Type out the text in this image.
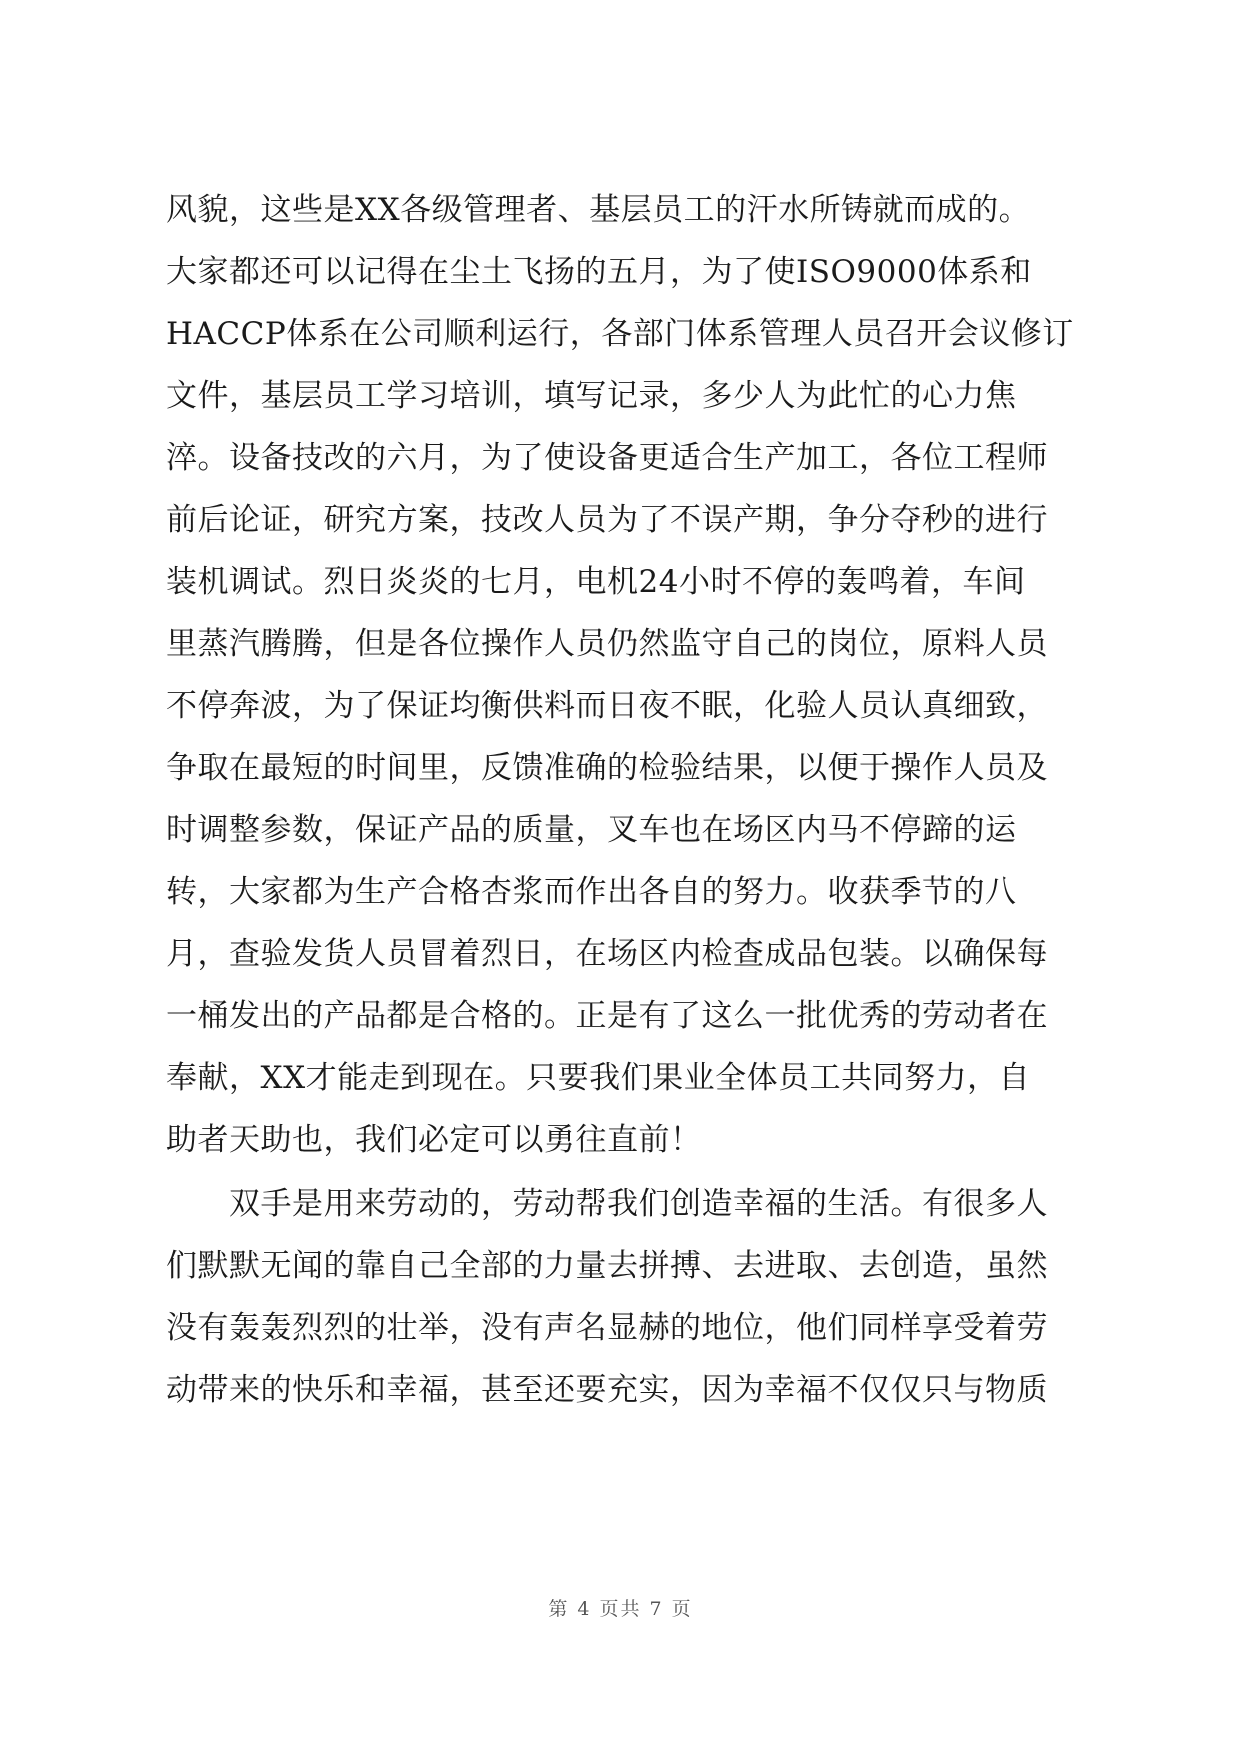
风貌，这些是XX各级管理者、基层员工的汗水所铸就而成的。
大家都还可以记得在尘土飞扬的五月，为了使ISO9000体系和
HACCP体系在公司顺利运行，各部门体系管理人员召开会议修订
文件，基层员工学习培训，填写记录，多少人为此忙的心力焦
淬。设备技改的六月，为了使设备更适合生产加工，各位工程师
前后论证，研究方案，技改人员为了不误产期，争分夺秒的进行
装机调试。烈日炎炎的七月，电机24小时不停的轰鸣着，车间
里蒸汽腾腾，但是各位操作人员仍然监守自己的岗位，原料人员
不停奔波，为了保证均衡供料而日夜不眠，化验人员认真细致，
争取在最短的时间里，反馈准确的检验结果，以便于操作人员及
时调整参数，保证产品的质量，叉车也在场区内马不停蹄的运
转，大家都为生产合格杏浆而作出各自的努力。收获季节的八
月，查验发货人员冒着烈日，在场区内检查成品包装。以确保每
一桶发出的产品都是合格的。正是有了这么一批优秀的劳动者在
奉献，XX才能走到现在。只要我们果业全体员工共同努力，自
助者天助也，我们必定可以勇往直前！
　　双手是用来劳动的，劳动帮我们创造幸福的生活。有很多人
们默默无闻的靠自己全部的力量去拼搏、去进取、去创造，虽然
没有轰轰烈烈的壮举，没有声名显赫的地位，他们同样享受着劳
动带来的快乐和幸福，甚至还要充实，因为幸福不仅仅只与物质
第 4 页共 7 页
